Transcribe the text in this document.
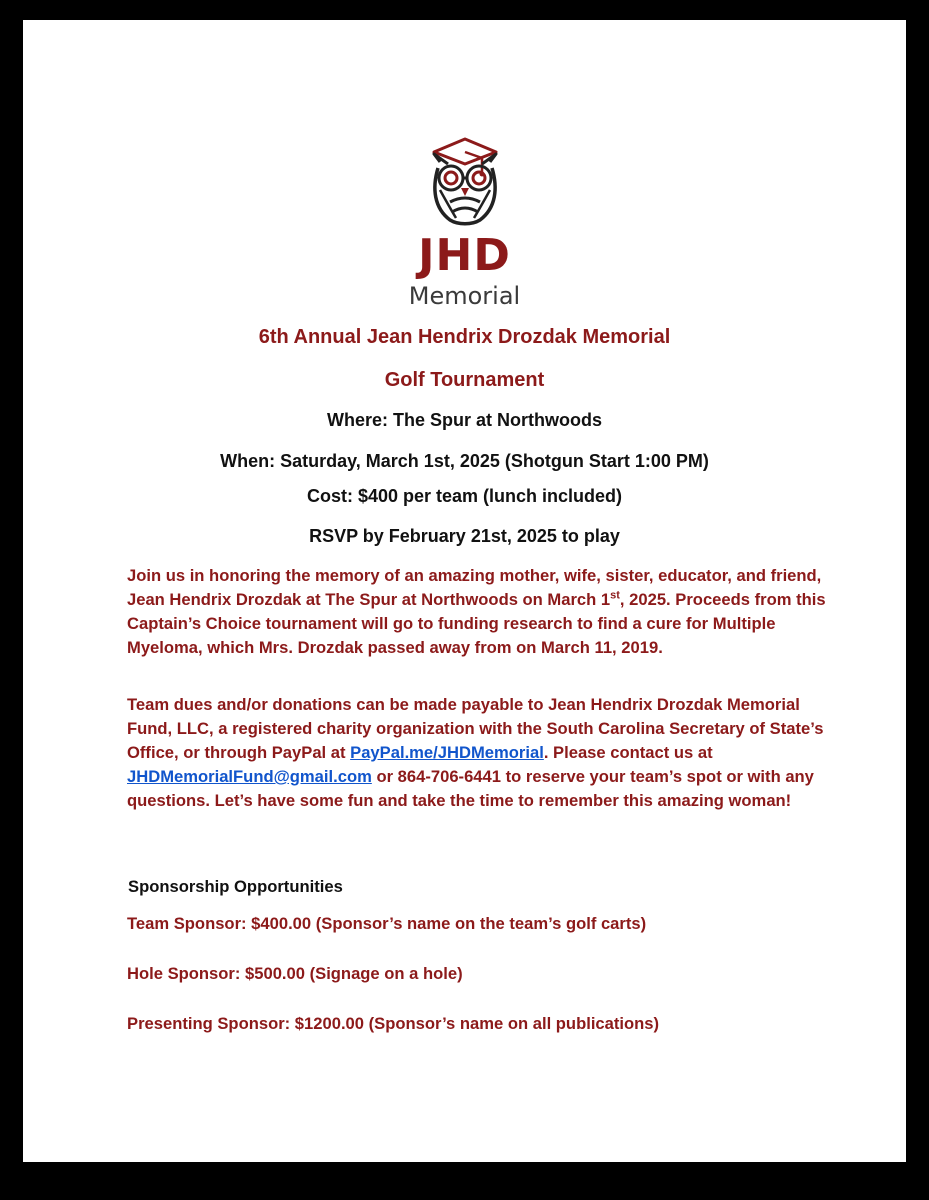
JHD
Memorial
6th Annual Jean Hendrix Drozdak Memorial
Golf Tournament
Where: The Spur at Northwoods
When: Saturday, March 1st, 2025 (Shotgun Start 1:00 PM)
Cost: $400 per team (lunch included)
RSVP by February 21st, 2025 to play
Join us in honoring the memory of an amazing mother, wife, sister, educator, and friend, Jean Hendrix Drozdak at The Spur at Northwoods on March 1st, 2025. Proceeds from this Captain’s Choice tournament will go to funding research to find a cure for Multiple Myeloma, which Mrs. Drozdak passed away from on March 11, 2019.
Team dues and/or donations can be made payable to Jean Hendrix Drozdak Memorial Fund, LLC, a registered charity organization with the South Carolina Secretary of State’s Office, or through PayPal at PayPal.me/JHDMemorial. Please contact us at JHDMemorialFund@gmail.com or 864-706-6441 to reserve your team’s spot or with any questions. Let’s have some fun and take the time to remember this amazing woman!
Sponsorship Opportunities
Team Sponsor: $400.00 (Sponsor’s name on the team’s golf carts)
Hole Sponsor: $500.00 (Signage on a hole)
Presenting Sponsor: $1200.00 (Sponsor’s name on all publications)
